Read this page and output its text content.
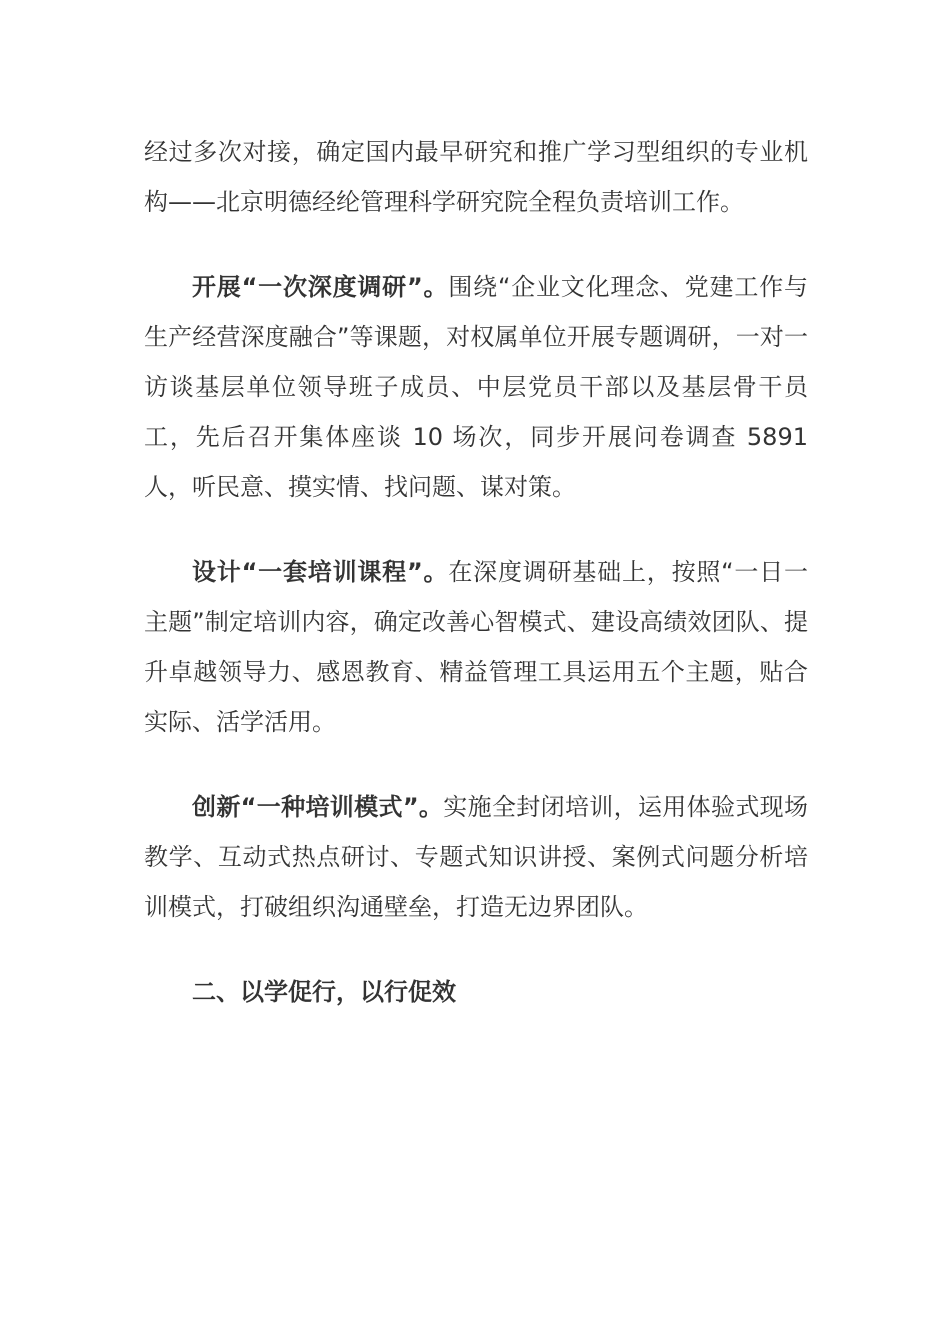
经过多次对接，确定国内最早研究和推广学习型组织的专业机构——北京明德经纶管理科学研究院全程负责培训工作。

开展“一次深度调研”。围绕“企业文化理念、党建工作与生产经营深度融合”等课题，对权属单位开展专题调研，一对一访谈基层单位领导班子成员、中层党员干部以及基层骨干员工，先后召开集体座谈 10 场次，同步开展问卷调查 5891 人，听民意、摸实情、找问题、谋对策。

设计“一套培训课程”。在深度调研基础上，按照“一日一主题”制定培训内容，确定改善心智模式、建设高绩效团队、提升卓越领导力、感恩教育、精益管理工具运用五个主题，贴合实际、活学活用。

创新“一种培训模式”。实施全封闭培训，运用体验式现场教学、互动式热点研讨、专题式知识讲授、案例式问题分析培训模式，打破组织沟通壁垒，打造无边界团队。

二、以学促行，以行促效
